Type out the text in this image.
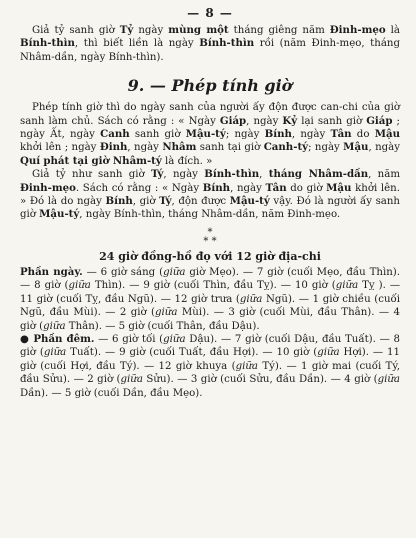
— 8 —

Giả tỷ sanh giờ Tỷ ngày mùng một tháng giêng năm Đinh-mẹo là Bính-thìn, thì biết liền là ngày Bính-thìn rồi (năm Đinh-mẹo, tháng Nhâm-dần, ngày Bính-thìn).

9. — Phép tính giờ

Phép tính giờ thì do ngày sanh của người ấy độn được can-chi của giờ sanh làm chủ. Sách có rằng : « Ngày Giáp, ngày Kỷ lại sanh giờ Giáp ; ngày Ất, ngày Canh sanh giờ Mậu-tý; ngày Bính, ngày Tân do Mậu khởi lên ; ngày Đinh, ngày Nhâm sanh tại giờ Canh-tý; ngày Mậu, ngày Quí phát tại giờ Nhâm-tý là đích. »

Giả tỷ như sanh giờ Tý, ngày Bính-thìn, tháng Nhâm-dần, năm Đinh-mẹo. Sách có rằng : « Ngày Bính, ngày Tân do giờ Mậu khởi lên. » Đó là do ngày Bính, giờ Tý, độn được Mậu-tý vậy. Đó là người ấy sanh giờ Mậu-tý, ngày Bính-thìn, tháng Nhâm-dần, năm Đinh-mẹo.

*
* *
24 giờ đồng-hồ đọ với 12 giờ địa-chi

Phần ngày. — 6 giờ sáng (giữa giờ Mẹo). — 7 giờ (cuối Mẹo, đầu Thìn). — 8 giờ (giữa Thìn). — 9 giờ (cuối Thìn, đầu Tỵ). — 10 giờ (giữa Tỵ ). — 11 giờ (cuối Tỵ, đầu Ngũ). — 12 giờ trưa (giữa Ngũ). — 1 giờ chiều (cuối Ngũ, đầu Mùi). — 2 giờ (giữa Mùi). — 3 giờ (cuối Mùi, đầu Thân). — 4 giờ (giữa Thân). — 5 giờ (cuối Thân, đầu Dậu).

● Phần đêm. — 6 giờ tối (giữa Dậu). — 7 giờ (cuối Dậu, đầu Tuất). — 8 giờ (giữa Tuất). — 9 giờ (cuối Tuất, đầu Hợi). — 10 giờ (giữa Hợi). — 11 giờ (cuối Hợi, đầu Tý). — 12 giờ khuya (giữa Tý). — 1 giờ mai (cuối Tý, đầu Sửu). — 2 giờ (giữa Sửu). — 3 giờ (cuối Sửu, đầu Dần). — 4 giờ (giữa Dần). — 5 giờ (cuối Dần, đầu Mẹo).
